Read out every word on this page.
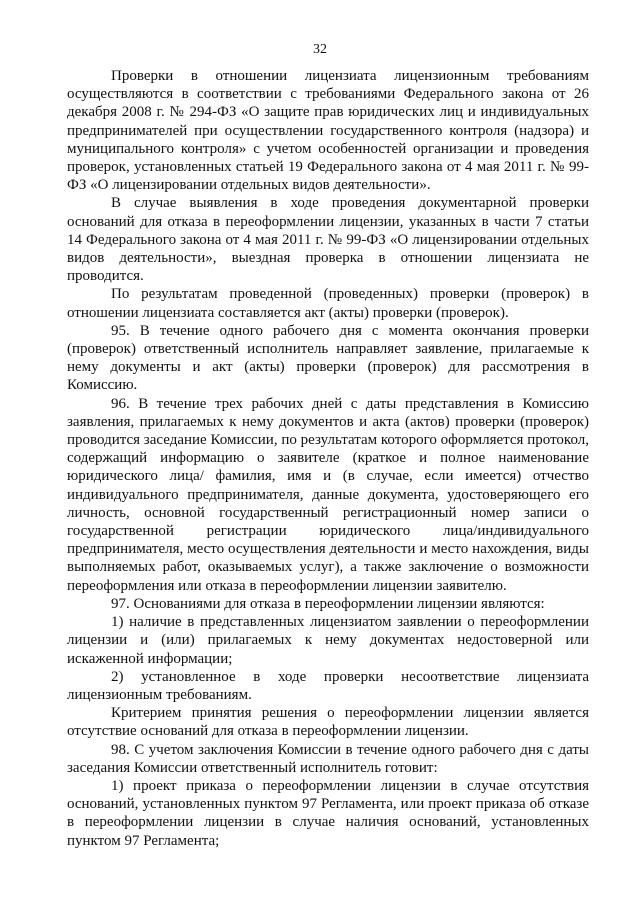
32

Проверки в отношении лицензиата лицензионным требованиям осуществляются в соответствии с требованиями Федерального закона от 26 декабря 2008 г. № 294-ФЗ «О защите прав юридических лиц и индивидуальных предпринимателей при осуществлении государственного контроля (надзора) и муниципального контроля» с учетом особенностей организации и проведения проверок, установленных статьей 19 Федерального закона от 4 мая 2011 г. № 99-ФЗ «О лицензировании отдельных видов деятельности».

В случае выявления в ходе проведения документарной проверки оснований для отказа в переоформлении лицензии, указанных в части 7 статьи 14 Федерального закона от 4 мая 2011 г. № 99-ФЗ «О лицензировании отдельных видов деятельности», выездная проверка в отношении лицензиата не проводится.

По результатам проведенной (проведенных) проверки (проверок) в отношении лицензиата составляется акт (акты) проверки (проверок).

95. В течение одного рабочего дня с момента окончания проверки (проверок) ответственный исполнитель направляет заявление, прилагаемые к нему документы и акт (акты) проверки (проверок) для рассмотрения в Комиссию.

96. В течение трех рабочих дней с даты представления в Комиссию заявления, прилагаемых к нему документов и акта (актов) проверки (проверок) проводится заседание Комиссии, по результатам которого оформляется протокол, содержащий информацию о заявителе (краткое и полное наименование юридического лица/ фамилия, имя и (в случае, если имеется) отчество индивидуального предпринимателя, данные документа, удостоверяющего его личность, основной государственный регистрационный номер записи о государственной регистрации юридического лица/индивидуального предпринимателя, место осуществления деятельности и место нахождения, виды выполняемых работ, оказываемых услуг), а также заключение о возможности переоформления или отказа в переоформлении лицензии заявителю.

97. Основаниями для отказа в переоформлении лицензии являются:

1) наличие в представленных лицензиатом заявлении о переоформлении лицензии и (или) прилагаемых к нему документах недостоверной или искаженной информации;

2) установленное в ходе проверки несоответствие лицензиата лицензионным требованиям.

Критерием принятия решения о переоформлении лицензии является отсутствие оснований для отказа в переоформлении лицензии.

98. С учетом заключения Комиссии в течение одного рабочего дня с даты заседания Комиссии ответственный исполнитель готовит:

1) проект приказа о переоформлении лицензии в случае отсутствия оснований, установленных пунктом 97 Регламента, или проект приказа об отказе в переоформлении лицензии в случае наличия оснований, установленных пунктом 97 Регламента;
